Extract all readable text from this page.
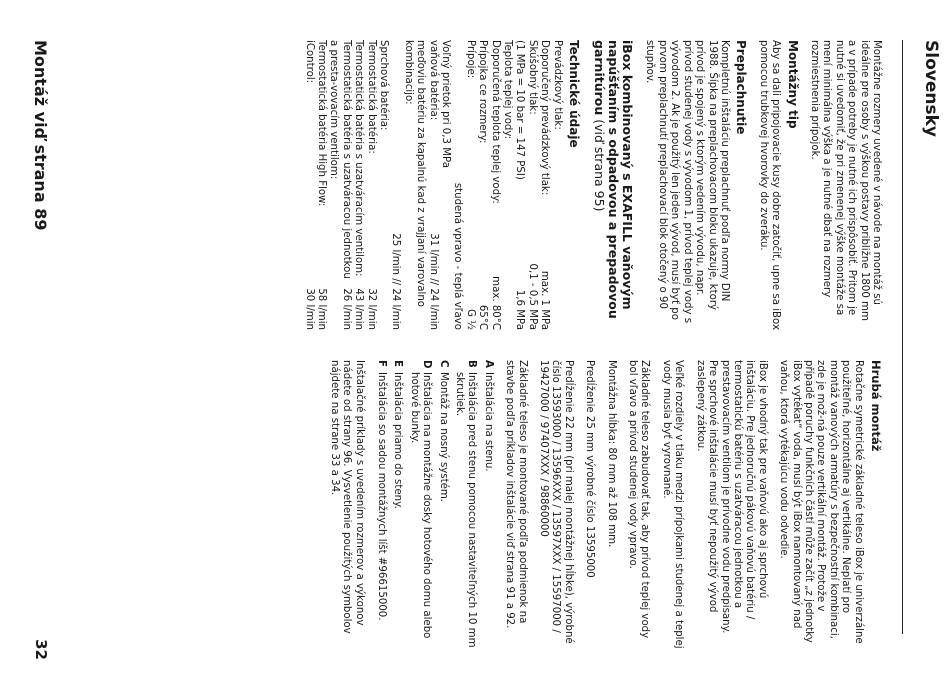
Slovensky

Montážne rozmery uvedené v návode na montáž sú ideálne pre osoby s výškou postavy približne 1800 mm a v prípade potreby je nutné ich prispôsobiť. Pritom je nutné si uvedomiť, že pri zmenenej výške montáže sa mení minimálna výška a je nutné dbať na rozmery rozmiestnenia prípojok.

Montážny tip

Aby sa dali pripojovacie kusy dobre zatočiť, upne sa iBox pomocou trubkovej hvorovky do zveráku.

Preplachnutie

Kompletnú inštaláciu preplachnuť podľa normy DIN 1988. Šípka na preplachovacom bloku ukazuje, ktorý prívod je spojený s ktorým vedením vývodu, napr. prívod studenej vody s vývodom 1, prívod teplej vody s vývodom 2. Ak je použitý len jeden vývod, musí byť po prvom preplachnutí preplachovací blok otočený o 90 stupňov.

iBox kombinovaný s EXAFILL vaňovým napúšťaním s odpadovou a prepadovou garnitúrou (viď strana 95)
Technické údaje
Prevádzkový tlak:
Doporučený prevádzkový tlak:
max. 1 MPa
Skúšobný tlak:
0,1 - 0,5 MPa
(1 MPa = 10 bar = 147 PSI)
1,6 MPa
Teplota teplej vody:
Doporučená teplota teplej vody:
max. 80°C
Prípojka ce rozmery:
65°C
Prípoje:
G ½
studená vpravo - teplá vľavo
Voľný prietok pri 0,3 MPa
vaňová batéria:
31 l/min // 24 l/min
meďoviu batériu za kapalnú kad z vrajjaní varovalno kombinacijo:
25 l/min // 24 l/min
Sprchová batéria:
Termostatická batéria:
32 l/min
Termostatická batéria s uzatváracím ventilom:
43 l/min
Termostatická batéria s uzatváracou jednotkou a presta-vovacím ventilom:
26 l/min
Termostatická batéria High Flow:
58 l/min
iControl:
30 l/min
Hrubá montáž

Rotačne symetrické základné teleso iBox je univerzálne použiteľné, horizontálne aj vertikálne. Neplatí pro montáž vanových armatúry s bezpečnostní kombinaci, zde je mož-ná pouze vertikální montáž. Protože v případě poruchy funkčních částí může začít „z jednotky iBox vytékat“ voda, musí být iBox namontovaný nad vaňou, ktorá vytékajúcu vodu odvedie.

iBox je vhodný tak pre vaňovú ako aj sprchovú inštaláciu. Pre jednoručnú pákovú vaňovú batériu / termostatickú batériu s uzatváracou jednotkou a prestavovacím ventilom je prívodne vodu predpisany. Pre sprchové inštalácie musí byť nepoužitý vývod zaslepený zátkou.

Veľké rozdiely v tlaku medzi prípojkami studenej a teplej vody musia byť vyrovnané.

Základné teleso zabudovať tak, aby prívod teplej vody bol vľavo a prívod studenej vody vpravo.

Montážna hĺbka: 80 mm až 108 mm.

Predĺženie 25 mm výrobné číslo 13595000

Predĺženie 22 mm (pri malej montážnej hĺbke), výrobné číslo 13593000 / 13596XXX / 13597XXX / 15597000 / 19427000 / 97407XXX / 98860000

Základné teleso je montované podľa podmienok na stavbe podľa príkladov inštalácie viď strana 91 a 92.

A
Inštalácia na stenu.
B
Inštalácia pred stenu pomocou nastaviteľných 10 mm skrutiek.
C
Montáž na nosný systém.
D
Inštalácia na montážne dosky hotového domu alebo hotové bunky.
E
Inštalácia priamo do steny.
F
Inštalácia so sadou montážnych líšt #96615000.

Inštalačné príklady s uvedením rozmerov a výkonov nádete od strany 96. Vysvetlenie použitých symbolov nájdete na strane 33 a 34.

Montáž viď strana 89
32
